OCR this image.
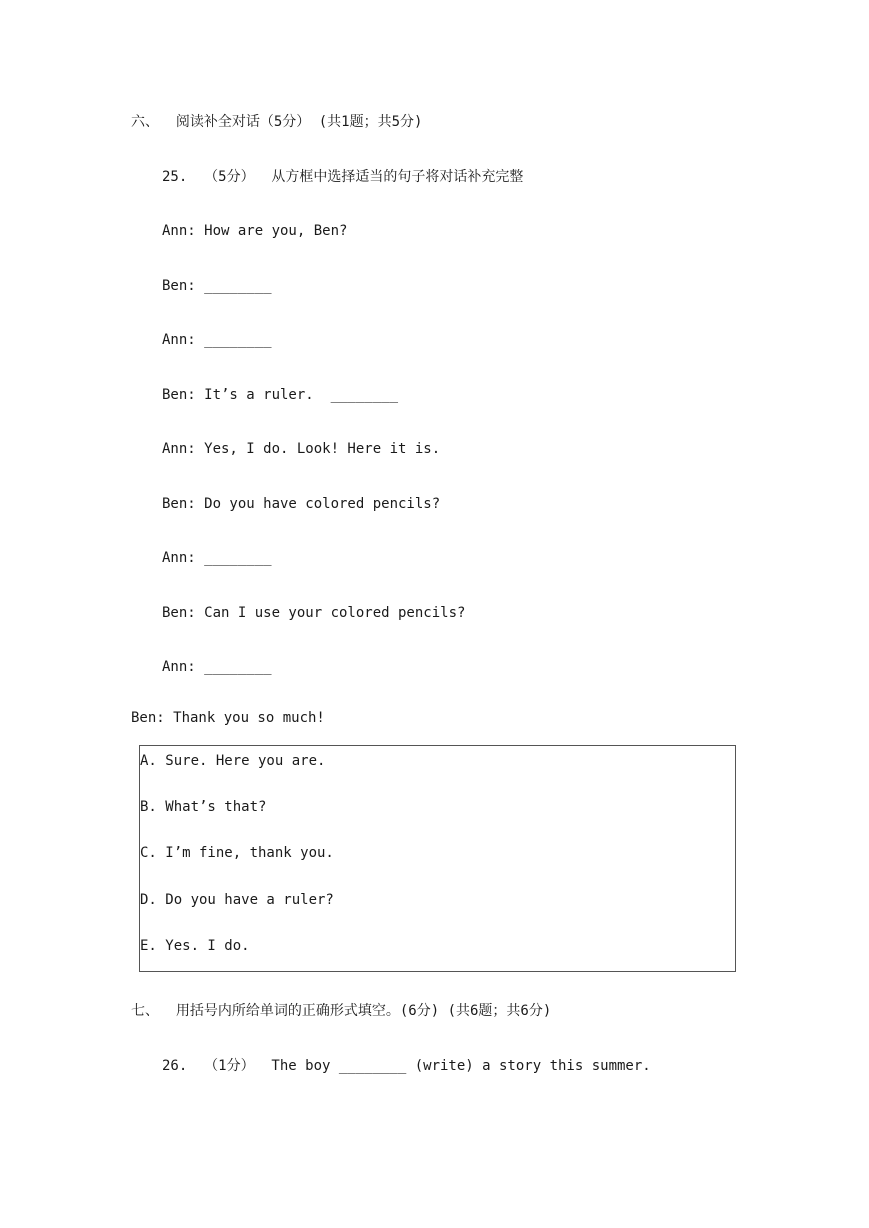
六、  阅读补全对话（5分） (共1题；共5分)
25.  （5分）  从方框中选择适当的句子将对话补充完整
Ann: How are you, Ben?
Ben: ________
Ann: ________
Ben: It’s a ruler.  ________
Ann: Yes, I do. Look! Here it is.
Ben: Do you have colored pencils?
Ann: ________
Ben: Can I use your colored pencils?
Ann: ________
Ben: Thank you so much!
A. Sure. Here you are.
B. What’s that?
C. I’m fine, thank you.
D. Do you have a ruler?
E. Yes. I do.
七、  用括号内所给单词的正确形式填空。(6分) (共6题；共6分)
26.  （1分）  The boy ________ (write) a story this summer.
